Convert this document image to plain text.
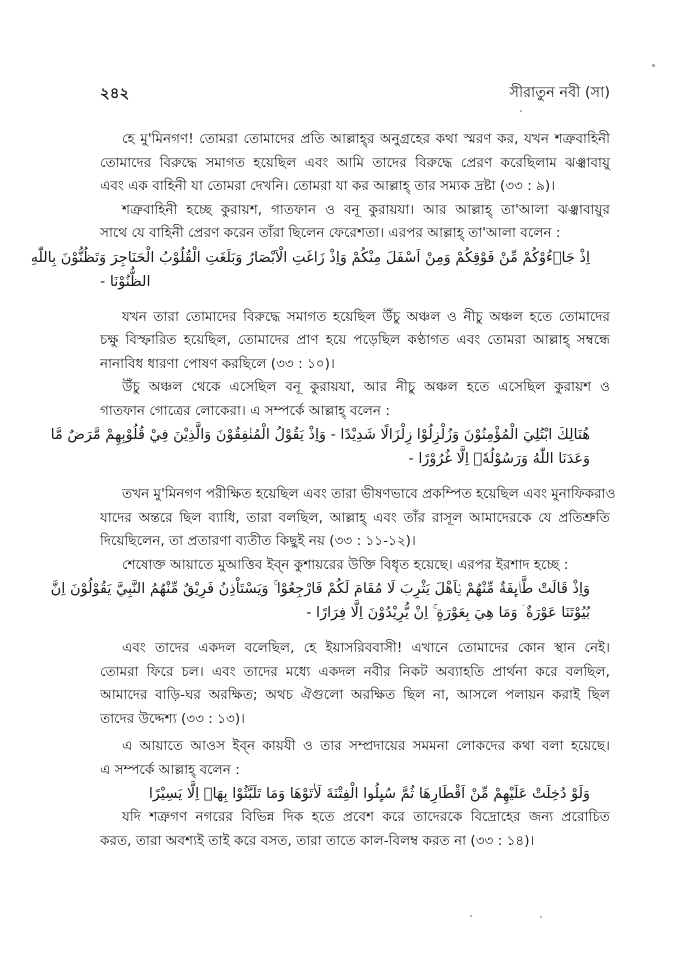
২৪২	সীরাতুন নবী (সা)
হে মু'মিনগণ! তোমরা তোমাদের প্রতি আল্লাহ্‌র অনুগ্রহের কথা স্মরণ কর, যখন শত্রুবাহিনী
তোমাদের বিরুদ্ধে সমাগত হয়েছিল এবং আমি তাদের বিরুদ্ধে প্রেরণ করেছিলাম ঝঞ্ঝাবায়ু
এবং এক বাহিনী যা তোমরা দেখনি। তোমরা যা কর আল্লাহ্‌ তার সম্যক দ্রষ্টা (৩৩ : ৯)।
শত্রুবাহিনী হচ্ছে কুরায়শ, গাতফান ও বনূ কুরায়যা। আর আল্লাহ্‌ তা'আলা ঝঞ্ঝাবায়ুর
সাথে যে বাহিনী প্রেরণ করেন তাঁরা ছিলেন ফেরেশতা। এরপর আল্লাহ্‌ তা'আলা বলেন :
اِذْ جَاۤءُوْكُمْ مِّنْ فَوْقِكُمْ وَمِنْ اَسْفَلَ مِنْكُمْ وَاِذْ زَاغَتِ الْاَبْصَارُ وَبَلَغَتِ الْقُلُوْبُ الْحَنَاجِرَ وَتَظُنُّوْنَ بِاللّٰهِ
الظُّنُوْنَا -
যখন তারা তোমাদের বিরুদ্ধে সমাগত হয়েছিল উঁচু অঞ্চল ও নীচু অঞ্চল হতে তোমাদের
চক্ষু বিস্ফারিত হয়েছিল, তোমাদের প্রাণ হয়ে পড়েছিল কণ্ঠাগত এবং তোমরা আল্লাহ্‌ সম্বন্ধে
নানাবিধ ধারণা পোষণ করছিলে (৩৩ : ১০)।
উঁচু অঞ্চল থেকে এসেছিল বনূ কুরায়যা, আর নীচু অঞ্চল হতে এসেছিল কুরায়শ ও
গাতফান গোত্রের লোকেরা। এ সম্পর্কে আল্লাহ্‌ বলেন :
هُنَالِكَ ابْتُلِيَ الْمُؤْمِنُوْنَ وَزُلْزِلُوْا زِلْزَالًا شَدِيْدًا - وَاِذْ يَقُوْلُ الْمُنٰفِقُوْنَ وَالَّذِيْنَ فِيْ قُلُوْبِهِمْ مَّرَضٌ مَّا
وَعَدَنَا اللّٰهُ وَرَسُوْلُهٗۤ اِلَّا غُرُوْرًا -
তখন মু'মিনগণ পরীক্ষিত হয়েছিল এবং তারা ভীষণভাবে প্রকম্পিত হয়েছিল এবং মুনাফিকরাও
যাদের অন্তরে ছিল ব্যাধি, তারা বলছিল, আল্লাহ্‌ এবং তাঁর রাসূল আমাদেরকে যে প্রতিশ্রুতি
দিয়েছিলেন, তা প্রতারণা ব্যতীত কিছুই নয় (৩৩ : ১১-১২)।
শেষোক্ত আয়াতে মুআত্তিব ইব্‌ন কুশায়রের উক্তি বিধৃত হয়েছে। এরপর ইরশাদ হচ্ছে :
وَاِذْ قَالَتْ طَّاۤىِٕفَةٌ مِّنْهُمْ يٰۤاَهْلَ يَثْرِبَ لَا مُقَامَ لَكُمْ فَارْجِعُوْا ۚ وَيَسْتَاْذِنُ فَرِيْقٌ مِّنْهُمُ النَّبِيَّ يَقُوْلُوْنَ اِنَّ
بُيُوْتَنَا عَوْرَةٌ ۛ وَمَا هِيَ بِعَوْرَةٍ ۚ اِنْ يُّرِيْدُوْنَ اِلَّا فِرَارًا -
এবং তাদের একদল বলেছিল, হে ইয়াসরিববাসী! এখানে তোমাদের কোন স্থান নেই।
তোমরা ফিরে চল। এবং তাদের মধ্যে একদল নবীর নিকট অব্যাহতি প্রার্থনা করে বলছিল,
আমাদের বাড়ি-ঘর অরক্ষিত; অথচ ঐগুলো অরক্ষিত ছিল না, আসলে পলায়ন করাই ছিল
তাদের উদ্দেশ্য (৩৩ : ১৩)।
এ আয়াতে আওস ইব্‌ন কায়যী ও তার সম্প্রদায়ের সমমনা লোকদের কথা বলা হয়েছে।
এ সম্পর্কে আল্লাহ্‌ বলেন :
وَلَوْ دُخِلَتْ عَلَيْهِمْ مِّنْ اَقْطَارِهَا ثُمَّ سُىِٕلُوا الْفِتْنَةَ لَاٰتَوْهَا وَمَا تَلَبَّثُوْا بِهَاۤ اِلَّا يَسِيْرًا
যদি শত্রুগণ নগরের বিভিন্ন দিক হতে প্রবেশ করে তাদেরকে বিদ্রোহের জন্য প্ররোচিত
করত, তারা অবশ্যই তাই করে বসত, তারা তাতে কাল-বিলম্ব করত না (৩৩ : ১৪)।
